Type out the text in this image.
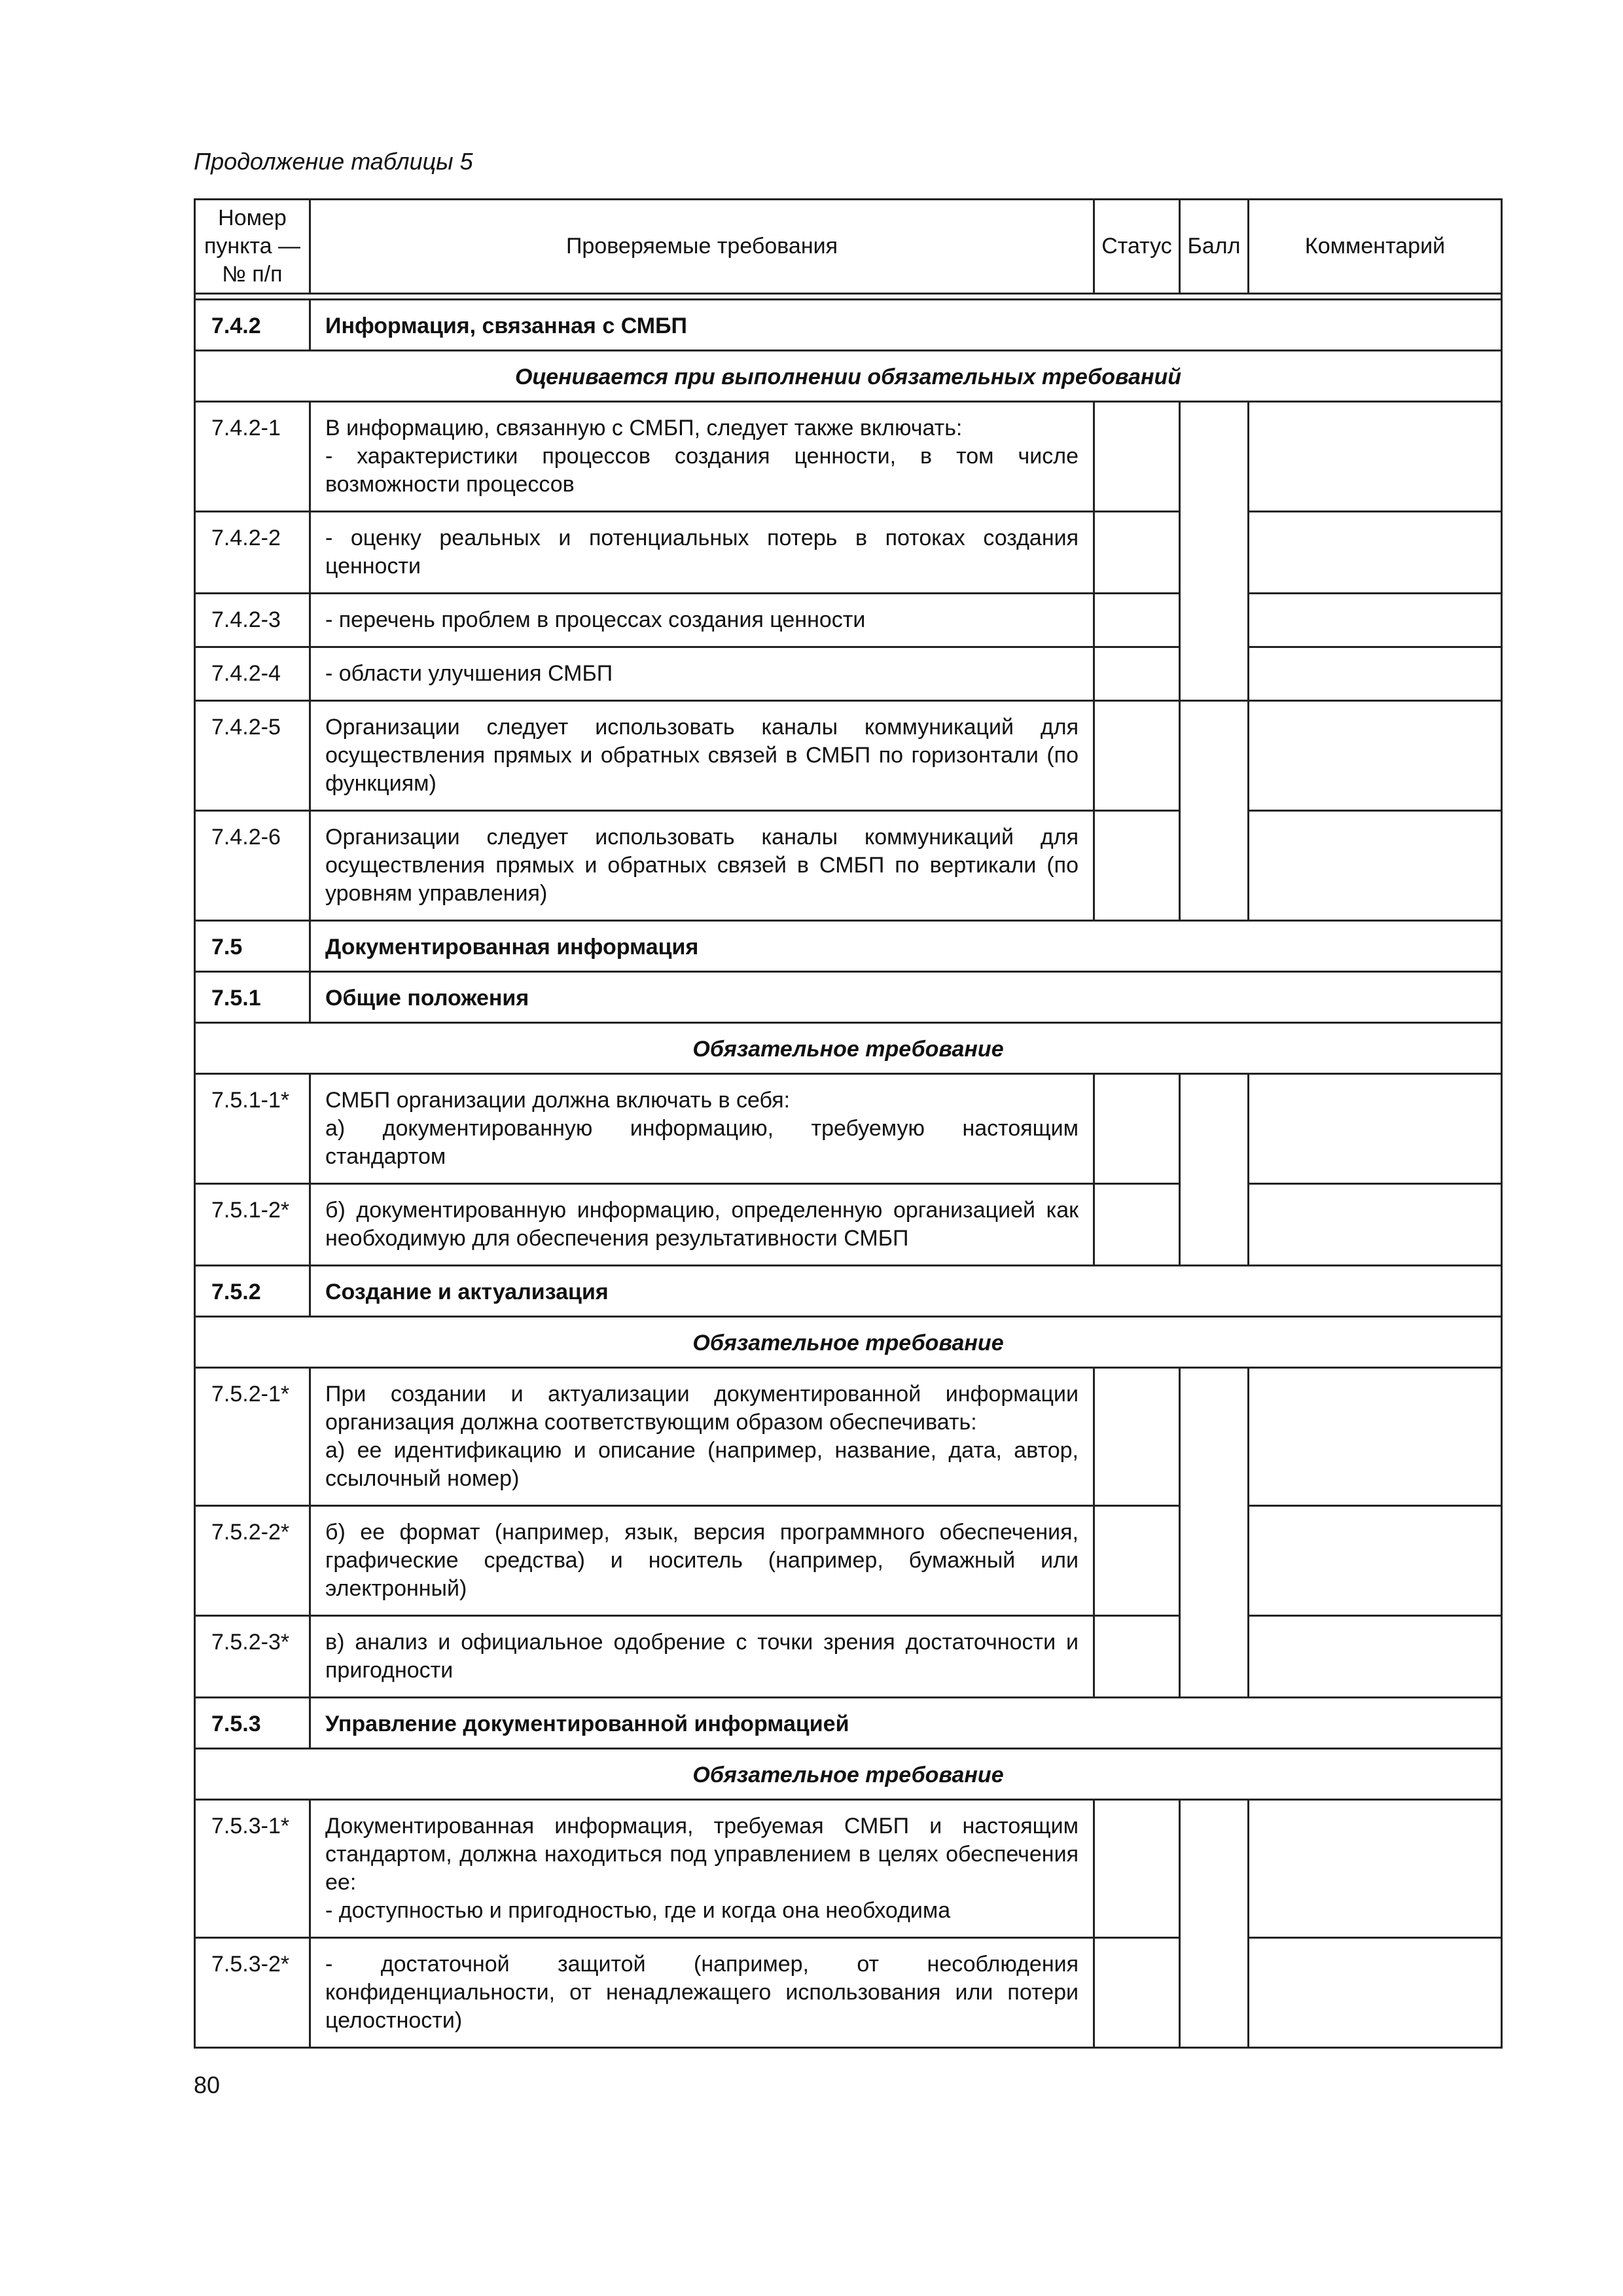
Продолжение таблицы 5
Номер пункта — № п/п	Проверяемые требования	Статус	Балл	Комментарий

7.4.2	Информация, связанная с СМБП			
Оценивается при выполнении обязательных требований				
7.4.2-1	В информацию, связанную с СМБП, следует также включать:
- характеристики процессов создания ценности, в том числе возможности процессов			

7.4.2-2	- оценку реальных и потенциальных потерь в потоках создания ценности			

7.4.2-3	- перечень проблем в процессах создания ценности			

7.4.2-4	- области улучшения СМБП			

7.4.2-5	Организации следует использовать каналы коммуникаций для осуществления прямых и обратных связей в СМБП по горизонтали (по функциям)			

7.4.2-6	Организации следует использовать каналы коммуникаций для осуществления прямых и обратных связей в СМБП по вертикали (по уровням управления)			

7.5	Документированная информация			
7.5.1	Общие положения			
Обязательное требование				
7.5.1-1*	СМБП организации должна включать в себя:
а) документированную информацию, требуемую настоящим стандартом			

7.5.1-2*	б) документированную информацию, определенную организацией как необходимую для обеспечения результативности СМБП			

7.5.2	Создание и актуализация			
Обязательное требование				
7.5.2-1*	При создании и актуализации документированной информации организация должна соответствующим образом обеспечивать:
а) ее идентификацию и описание (например, название, дата, автор, ссылочный номер)			

7.5.2-2*	б) ее формат (например, язык, версия программного обеспечения, графические средства) и носитель (например, бумажный или электронный)			

7.5.2-3*	в) анализ и официальное одобрение с точки зрения достаточности и пригодности			

7.5.3	Управление документированной информацией			
Обязательное требование				
7.5.3-1*	Документированная информация, требуемая СМБП и настоящим стандартом, должна находиться под управлением в целях обеспечения ее:
- доступностью и пригодностью, где и когда она необходима			

7.5.3-2*	- достаточной защитой (например, от несоблюдения конфиденциальности, от ненадлежащего использования или потери целостности)			

80
